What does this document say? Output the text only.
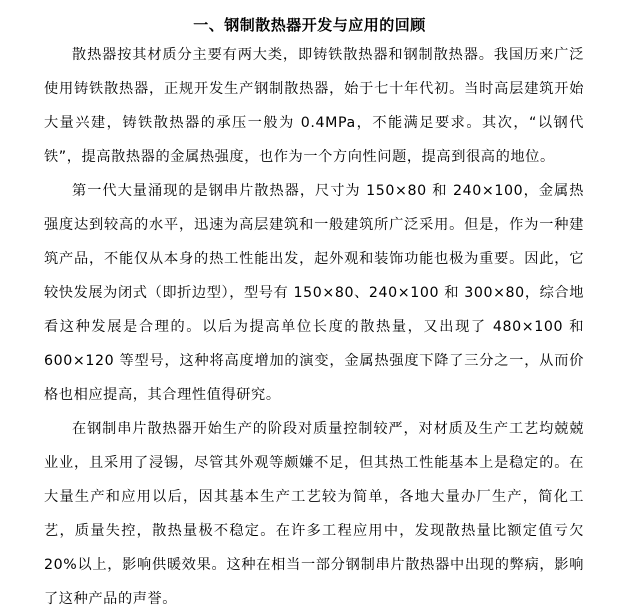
一、钢制散热器开发与应用的回顾

散热器按其材质分主要有两大类，即铸铁散热器和钢制散热器。我国历来广泛使用铸铁散热器，正规开发生产钢制散热器，始于七十年代初。当时高层建筑开始大量兴建，铸铁散热器的承压一般为 0.4MPa，不能满足要求。其次，“以钢代铁”，提高散热器的金属热强度，也作为一个方向性问题，提高到很高的地位。

第一代大量涌现的是钢串片散热器，尺寸为 150×80 和 240×100，金属热强度达到较高的水平，迅速为高层建筑和一般建筑所广泛采用。但是，作为一种建筑产品，不能仅从本身的热工性能出发，起外观和装饰功能也极为重要。因此，它较快发展为闭式（即折边型），型号有 150×80、240×100 和 300×80，综合地看这种发展是合理的。以后为提高单位长度的散热量，又出现了 480×100 和 600×120 等型号，这种将高度增加的演变，金属热强度下降了三分之一，从而价格也相应提高，其合理性值得研究。

在钢制串片散热器开始生产的阶段对质量控制较严，对材质及生产工艺均兢兢业业，且采用了浸锡，尽管其外观等颇嫌不足，但其热工性能基本上是稳定的。在大量生产和应用以后，因其基本生产工艺较为简单，各地大量办厂生产，简化工艺，质量失控，散热量极不稳定。在许多工程应用中，发现散热量比额定值亏欠 20%以上，影响供暖效果。这种在相当一部分钢制串片散热器中出现的弊病，影响了这种产品的声誉。
